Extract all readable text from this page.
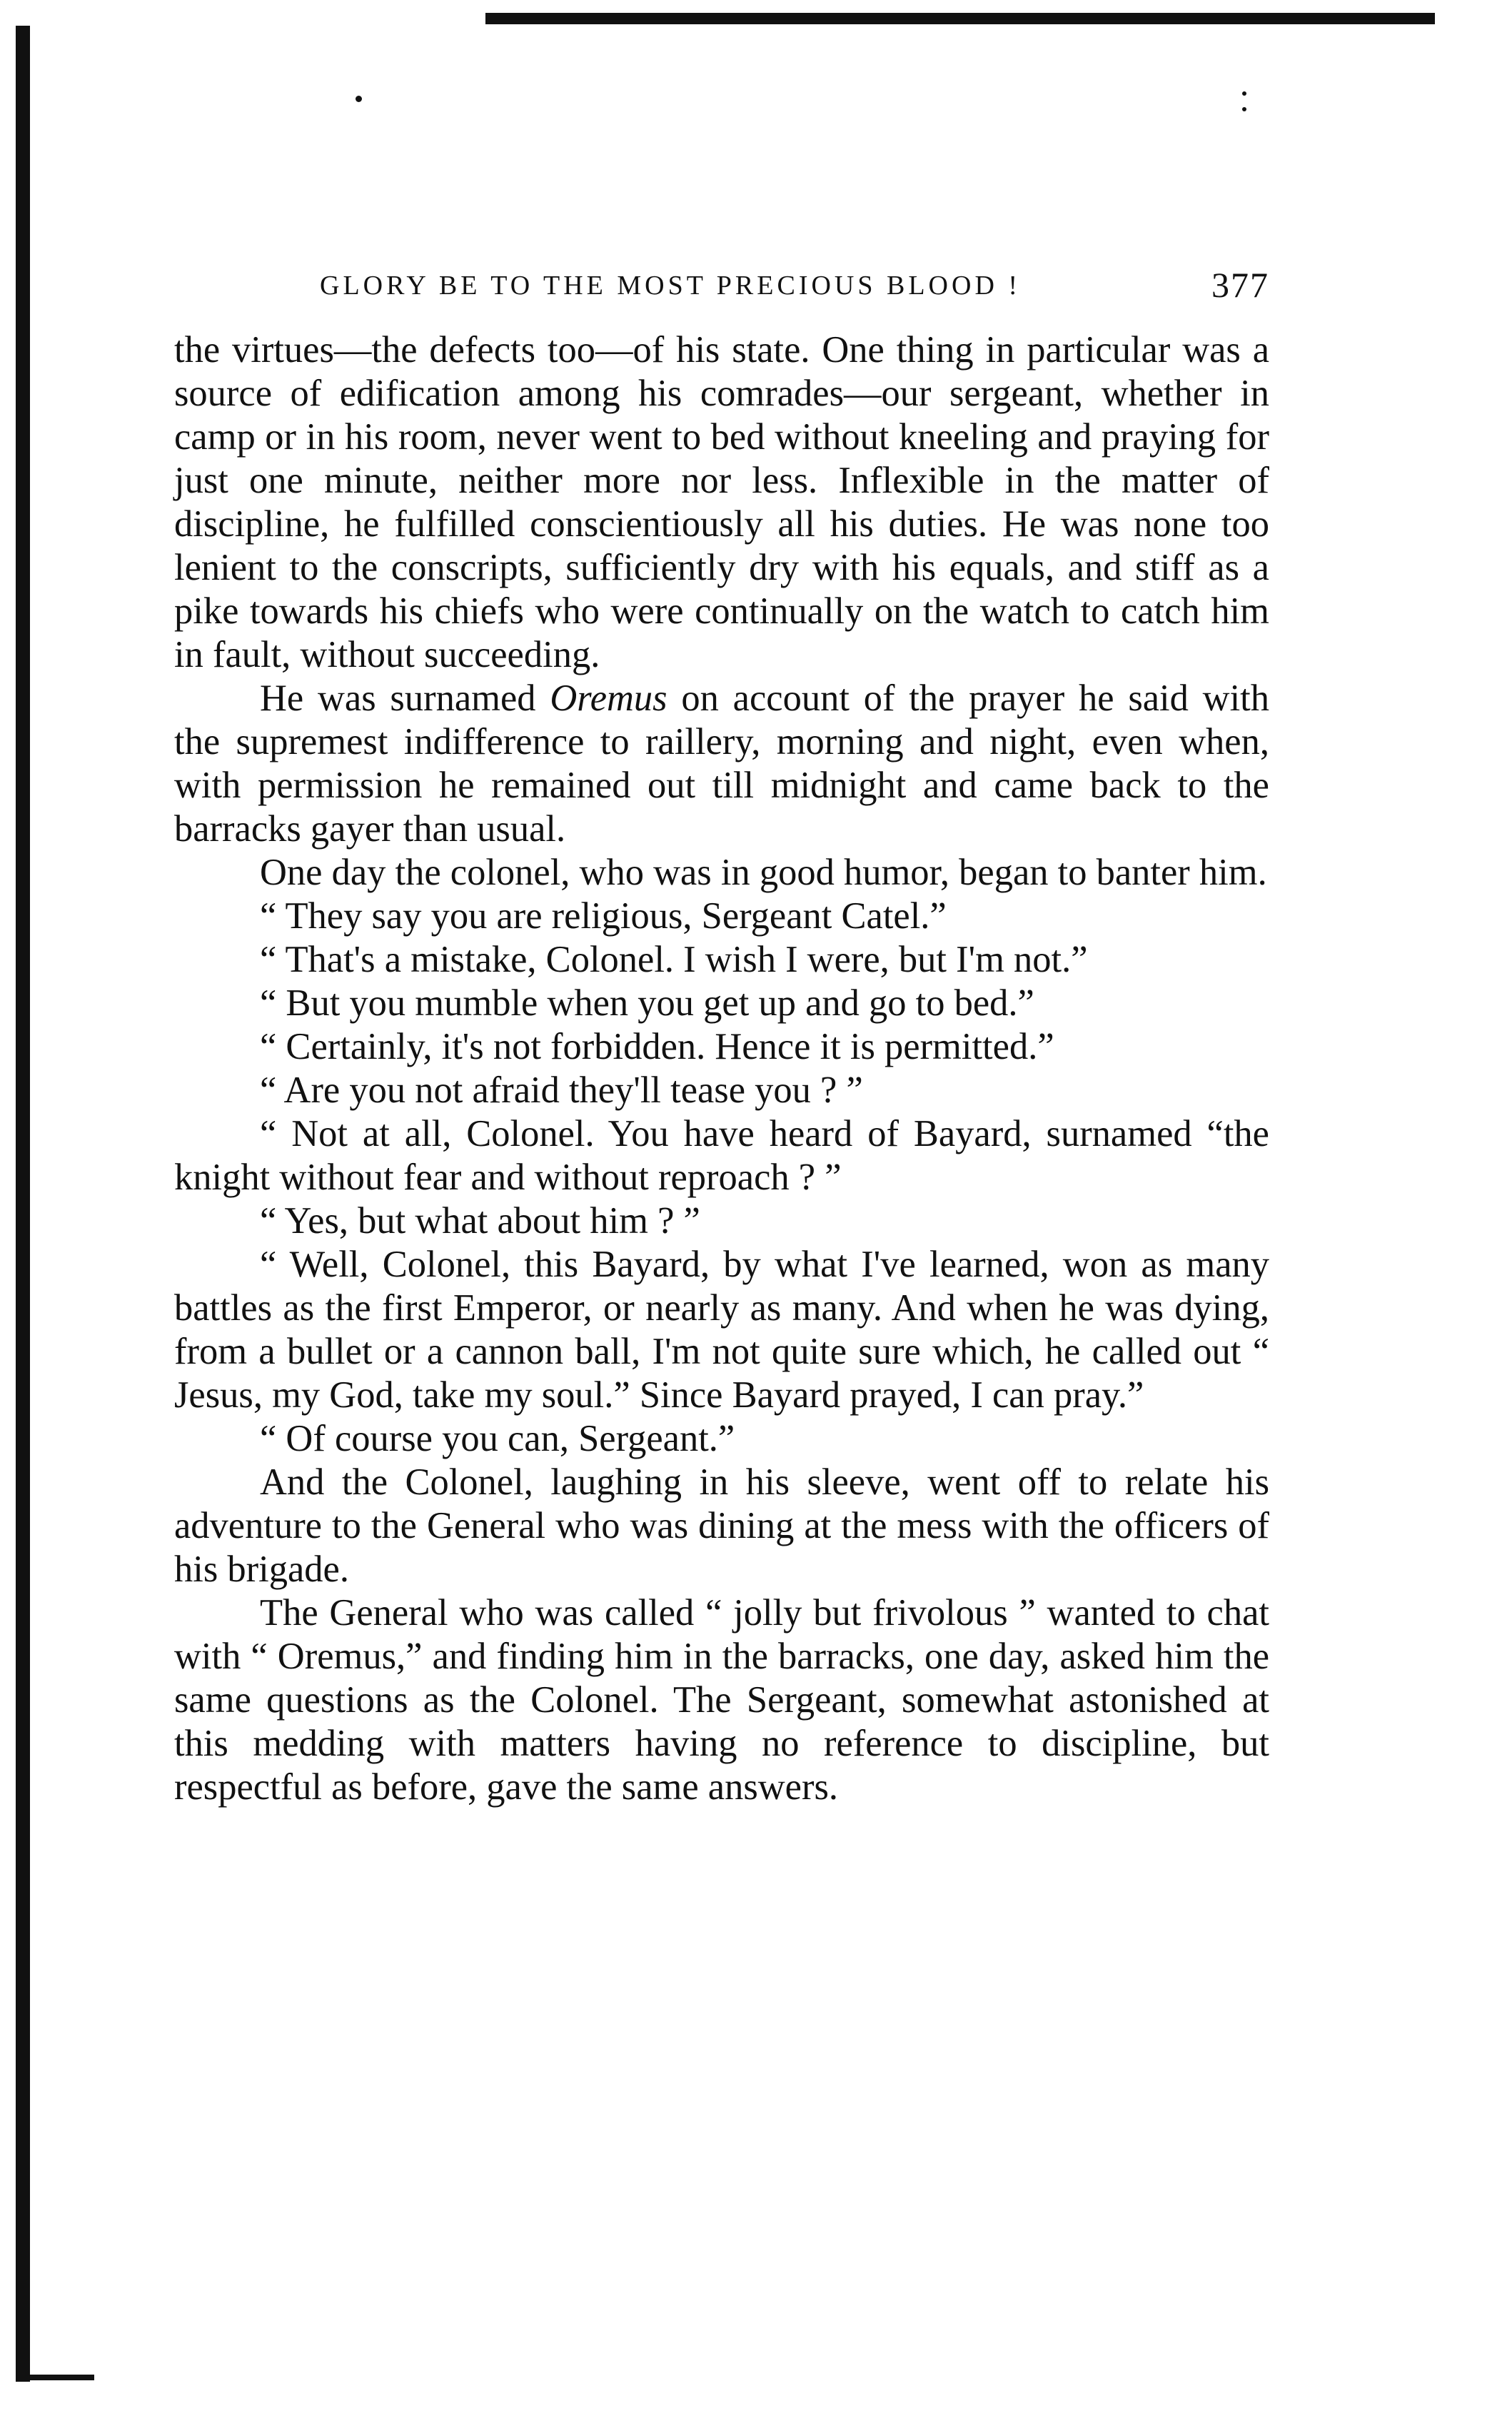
GLORY BE TO THE MOST PRECIOUS BLOOD !	377

the virtues—the defects too—of his state. One thing in particular was a source of edification among his comrades—our sergeant, whether in camp or in his room, never went to bed without kneeling and praying for just one minute, neither more nor less. Inflexible in the matter of discipline, he fulfilled conscientiously all his duties. He was none too lenient to the conscripts, sufficiently dry with his equals, and stiff as a pike towards his chiefs who were continually on the watch to catch him in fault, without succeeding.

He was surnamed Oremus on account of the prayer he said with the supremest indifference to raillery, morning and night, even when, with permission he remained out till midnight and came back to the barracks gayer than usual.

One day the colonel, who was in good humor, began to banter him.

“ They say you are religious, Sergeant Catel.”

“ That's a mistake, Colonel. I wish I were, but I'm not.”

“ But you mumble when you get up and go to bed.”

“ Certainly, it's not forbidden. Hence it is permitted.”

“ Are you not afraid they'll tease you ? ”

“ Not at all, Colonel. You have heard of Bayard, surnamed “the knight without fear and without reproach ? ”

“ Yes, but what about him ? ”

“ Well, Colonel, this Bayard, by what I've learned, won as many battles as the first Emperor, or nearly as many. And when he was dying, from a bullet or a cannon ball, I'm not quite sure which, he called out “ Jesus, my God, take my soul.” Since Bayard prayed, I can pray.”

“ Of course you can, Sergeant.”

And the Colonel, laughing in his sleeve, went off to relate his adventure to the General who was dining at the mess with the officers of his brigade.

The General who was called “ jolly but frivolous ” wanted to chat with “ Oremus,” and finding him in the barracks, one day, asked him the same questions as the Colonel. The Sergeant, somewhat astonished at this medding with matters having no reference to discipline, but respectful as before, gave the same answers.
